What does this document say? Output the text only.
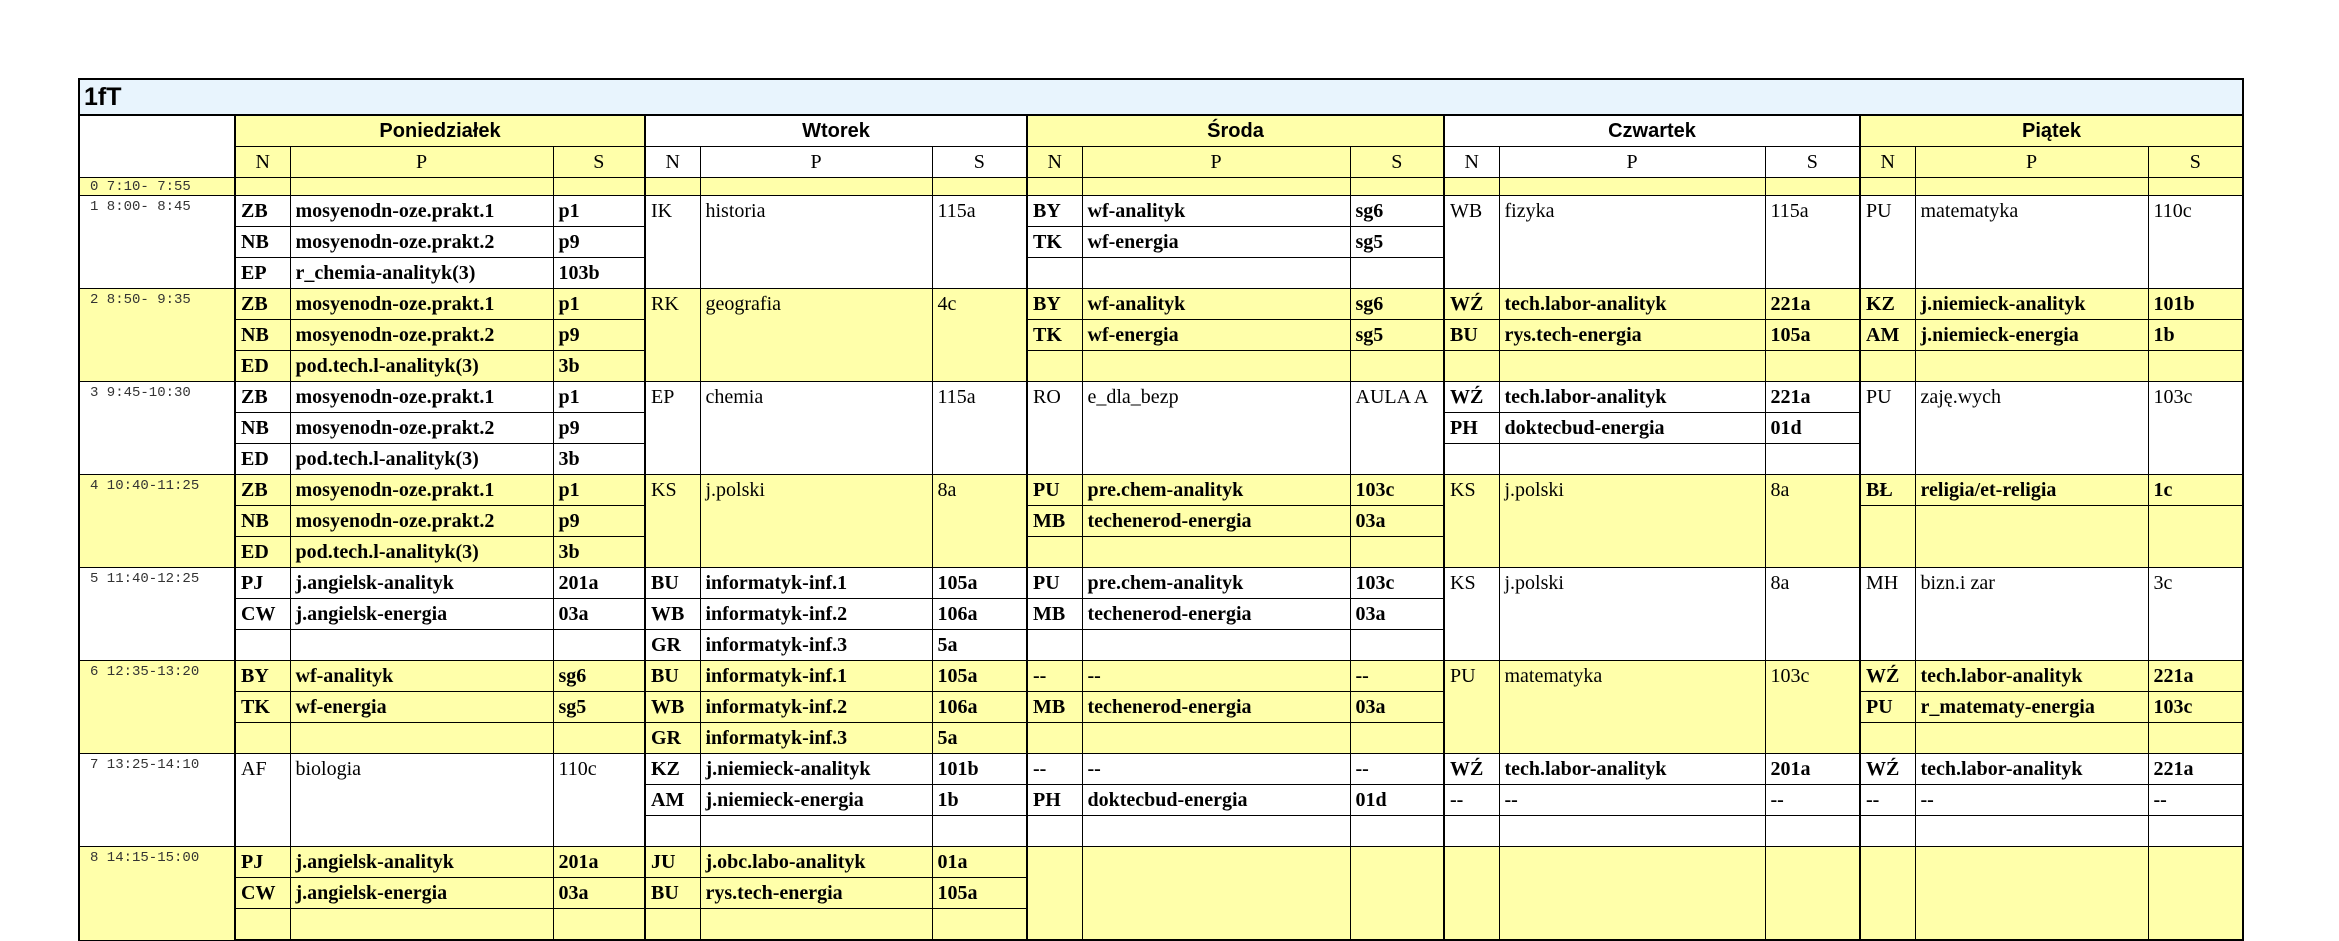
1fT															
	Poniedziałek			Wtorek			Środa			Czwartek			Piątek		
	N	P	S	N	P	S	N	P	S	N	P	S	N	P	S
0 7:10- 7:55															
1 8:00- 8:45	ZB	mosyenodn-oze.prakt.1	p1	IK	historia	115a	BY	wf-analityk	sg6	WB	fizyka	115a	PU	matematyka	110c
	NB	mosyenodn-oze.prakt.2	p9				TK	wf-energia	sg5						
	EP	r_chemia-analityk(3)	103b												
2 8:50- 9:35	ZB	mosyenodn-oze.prakt.1	p1	RK	geografia	4c	BY	wf-analityk	sg6	WŹ	tech.labor-analityk	221a	KZ	j.niemieck-analityk	101b
	NB	mosyenodn-oze.prakt.2	p9				TK	wf-energia	sg5	BU	rys.tech-energia	105a	AM	j.niemieck-energia	1b
	ED	pod.tech.l-analityk(3)	3b												
3 9:45-10:30	ZB	mosyenodn-oze.prakt.1	p1	EP	chemia	115a	RO	e_dla_bezp	AULA A	WŹ	tech.labor-analityk	221a	PU	zaję.wych	103c
	NB	mosyenodn-oze.prakt.2	p9							PH	doktecbud-energia	01d			
	ED	pod.tech.l-analityk(3)	3b												
4 10:40-11:25	ZB	mosyenodn-oze.prakt.1	p1	KS	j.polski	8a	PU	pre.chem-analityk	103c	KS	j.polski	8a	BŁ	religia/et-religia	1c
	NB	mosyenodn-oze.prakt.2	p9				MB	techenerod-energia	03a						
	ED	pod.tech.l-analityk(3)	3b												
5 11:40-12:25	PJ	j.angielsk-analityk	201a	BU	informatyk-inf.1	105a	PU	pre.chem-analityk	103c	KS	j.polski	8a	MH	bizn.i zar	3c
	CW	j.angielsk-energia	03a	WB	informatyk-inf.2	106a	MB	techenerod-energia	03a						
				GR	informatyk-inf.3	5a									
6 12:35-13:20	BY	wf-analityk	sg6	BU	informatyk-inf.1	105a	--	--	--	PU	matematyka	103c	WŹ	tech.labor-analityk	221a
	TK	wf-energia	sg5	WB	informatyk-inf.2	106a	MB	techenerod-energia	03a				PU	r_matematy-energia	103c
				GR	informatyk-inf.3	5a									
7 13:25-14:10	AF	biologia	110c	KZ	j.niemieck-analityk	101b	--	--	--	WŹ	tech.labor-analityk	201a	WŹ	tech.labor-analityk	221a
				AM	j.niemieck-energia	1b	PH	doktecbud-energia	01d	--	--	--	--	--	--

8 14:15-15:00	PJ	j.angielsk-analityk	201a	JU	j.obc.labo-analityk	01a									
	CW	j.angielsk-energia	03a	BU	rys.tech-energia	105a									
